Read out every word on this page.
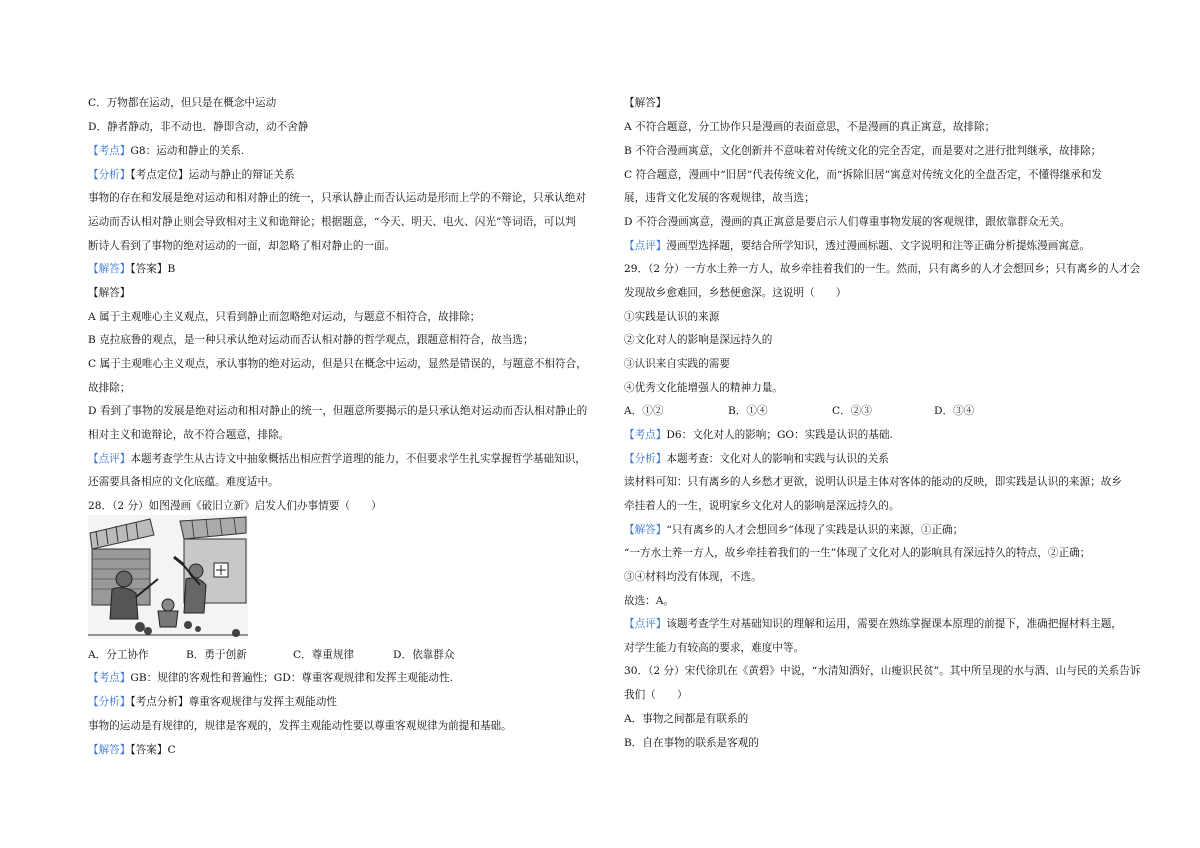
C．万物都在运动，但只是在概念中运动
D．静者静动，非不动也．静即含动，动不舍静
【考点】G8：运动和静止的关系.
【分析】【考点定位】运动与静止的辩证关系
事物的存在和发展是绝对运动和相对静止的统一，只承认静止而否认运动是形而上学的不辩论，只承认绝对
运动而否认相对静止则会导致相对主义和诡辩论；根据题意，“今天、明天、电火、闪光”等词语，可以判
断诗人看到了事物的绝对运动的一面，却忽略了相对静止的一面。
【解答】【答案】B
【解答】
A 属于主观唯心主义观点，只看到静止而忽略绝对运动，与题意不相符合，故排除；
B 克拉底鲁的观点，是一种只承认绝对运动而否认相对静的哲学观点，跟题意相符合，故当选；
C 属于主观唯心主义观点，承认事物的绝对运动，但是只在概念中运动，显然是错误的，与题意不相符合，
故排除；
D 看到了事物的发展是绝对运动和相对静止的统一，但题意所要揭示的是只承认绝对运动而否认相对静止的
相对主义和诡辩论，故不符合题意，排除。
【点评】本题考查学生从古诗文中抽象概括出相应哲学道理的能力，不但要求学生扎实掌握哲学基础知识，
还需要具备相应的文化底蕴。难度适中。
28．（2 分）如图漫画《破旧立新》启发人们办事情要（　　）
A．分工协作	B．勇于创新	C．尊重规律	D．依靠群众
【考点】GB：规律的客观性和普遍性；GD：尊重客观规律和发挥主观能动性.
【分析】【考点分析】尊重客观规律与发挥主观能动性
事物的运动是有规律的，规律是客观的，发挥主观能动性要以尊重客观规律为前提和基础。
【解答】【答案】C
【解答】
A 不符合题意，分工协作只是漫画的表面意思，不是漫画的真正寓意，故排除；
B 不符合漫画寓意，文化创新并不意味着对传统文化的完全否定，而是要对之进行批判继承，故排除；
C 符合题意，漫画中“旧居”代表传统文化，而“拆除旧居”寓意对传统文化的全盘否定，不懂得继承和发
展，违背文化发展的客观规律，故当选；
D 不符合漫画寓意，漫画的真正寓意是要启示人们尊重事物发展的客观规律，跟依靠群众无关。
【点评】漫画型选择题，要结合所学知识，透过漫画标题、文字说明和注等正确分析提炼漫画寓意。
29．（2 分）一方水土养一方人，故乡牵挂着我们的一生。然而，只有离乡的人才会想回乡；只有离乡的人才会
发现故乡愈难回，乡愁便愈深。这说明（　　）
①实践是认识的来源
②文化对人的影响是深远持久的
③认识来自实践的需要
④优秀文化能增强人的精神力量。
A．①②	B．①④	C．②③	D．③④
【考点】D6：文化对人的影响；GO：实践是认识的基础.
【分析】本题考查：文化对人的影响和实践与认识的关系
读材料可知：只有离乡的人乡愁才更欲，说明认识是主体对客体的能动的反映，即实践是认识的来源；故乡
牵挂着人的一生，说明家乡文化对人的影响是深远持久的。
【解答】“只有离乡的人才会想回乡”体现了实践是认识的来源，①正确；
“一方水土养一方人，故乡牵挂着我们的一生”体现了文化对人的影响具有深远持久的特点，②正确；
③④材料均没有体现，不选。
故选：A。
【点评】该题考查学生对基础知识的理解和运用，需要在熟练掌握课本原理的前提下，准确把握材料主题，
对学生能力有较高的要求，难度中等。
30．（2 分）宋代徐玑在《黄碧》中说，“水清知酒好，山瘦识民贫”。其中所呈现的水与酒、山与民的关系告诉
我们（　　）
A．事物之间都是有联系的
B．自在事物的联系是客观的
